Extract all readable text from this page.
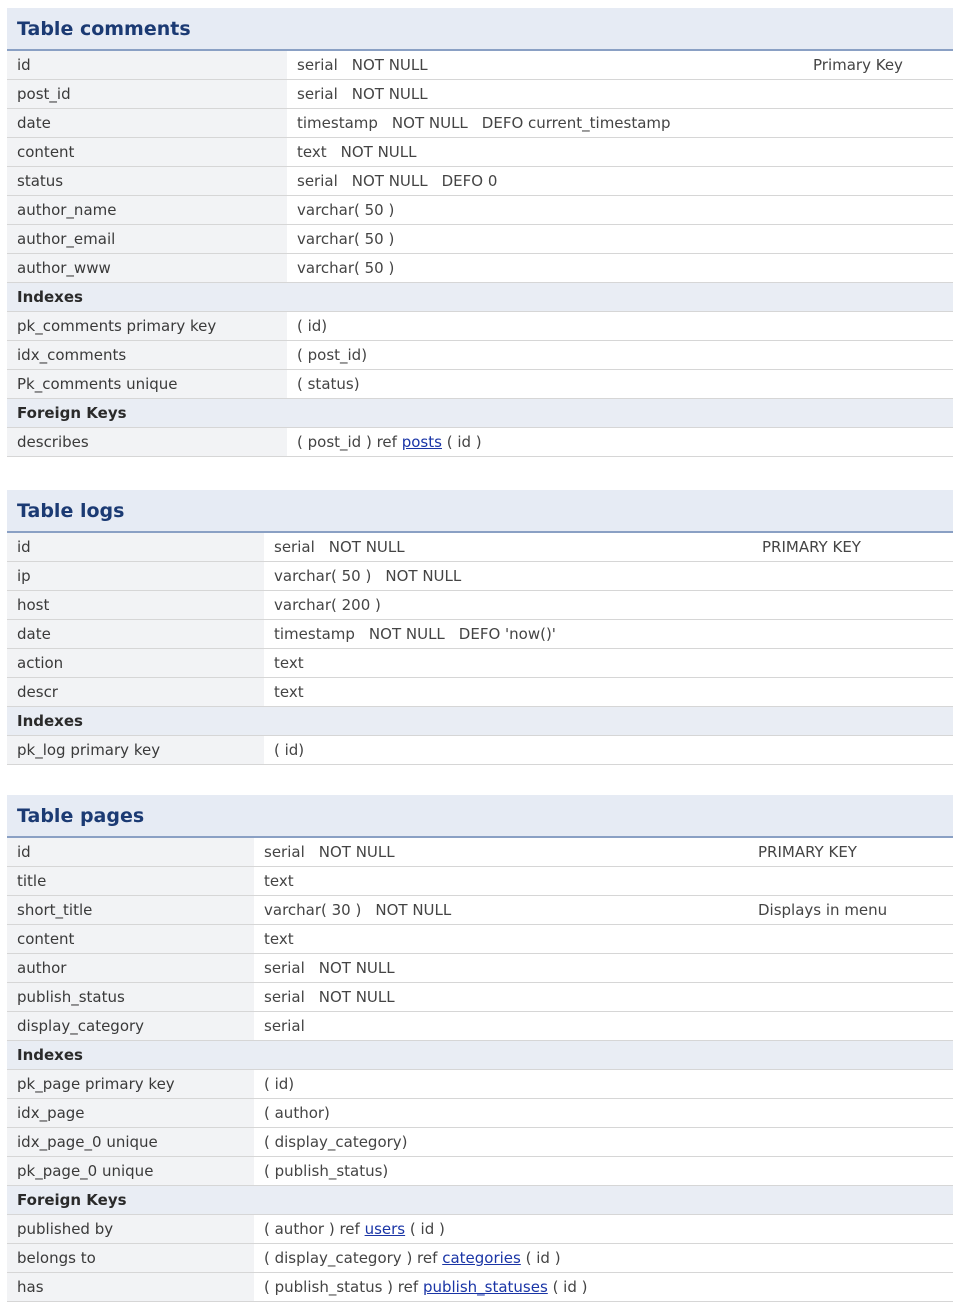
Table comments		
id	serial NOT NULL	Primary Key
post_id	serial NOT NULL	
date	timestamp NOT NULL DEFO current_timestamp	
content	text NOT NULL	
status	serial NOT NULL DEFO 0	
author_name	varchar( 50 )	
author_email	varchar( 50 )	
author_www	varchar( 50 )	
Indexes		
pk_comments primary key	( id)	
idx_comments	( post_id)	
Pk_comments unique	( status)	
Foreign Keys		
describes	( post_id ) ref posts ( id )	
Table logs		
id	serial NOT NULL	PRIMARY KEY
ip	varchar( 50 ) NOT NULL	
host	varchar( 200 )	
date	timestamp NOT NULL DEFO 'now()'	
action	text	
descr	text	
Indexes		
pk_log primary key	( id)	
Table pages		
id	serial NOT NULL	PRIMARY KEY
title	text	
short_title	varchar( 30 ) NOT NULL	Displays in menu
content	text	
author	serial NOT NULL	
publish_status	serial NOT NULL	
display_category	serial	
Indexes		
pk_page primary key	( id)	
idx_page	( author)	
idx_page_0 unique	( display_category)	
pk_page_0 unique	( publish_status)	
Foreign Keys		
published by	( author ) ref users ( id )	
belongs to	( display_category ) ref categories ( id )	
has	( publish_status ) ref publish_statuses ( id )	
